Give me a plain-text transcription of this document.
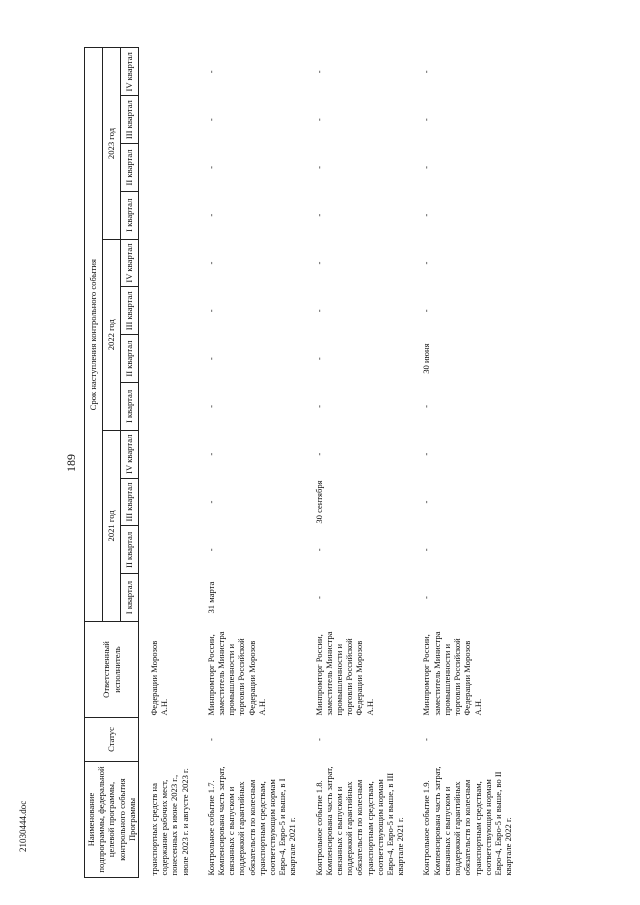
21030444.doc
189
Наименование подпрограммы, федеральной целевой программы, контрольного события Программы	Статус	Ответственный исполнитель	Срок наступления контрольного события											
			2021 год				2022 год				2023 год			
			I квартал	II квартал	III квартал	IV квартал	I квартал	II квартал	III квартал	IV квартал	I квартал	II квартал	III квартал	IV квартал
транспортных средств на содержание рабочих мест, понесенных в июне 2023 г., июле 2023 г. и августе 2023 г.		Федерации Морозов А.Н.												
Контрольное событие 1.7. Компенсирована часть затрат, связанных с выпуском и поддержкой гарантийных обязательств по колесным транспортным средствам, соответствующим нормам Евро-4, Евро-5 и выше, в I квартале 2021 г.	-	Минпромторг России, заместитель Министра промышленности и торговли Российской Федерации Морозов А.Н.	31 марта	-	-	-	-	-	-	-	-	-	-	-
Контрольное событие 1.8. Компенсирована часть затрат, связанных с выпуском и поддержкой гарантийных обязательств по колесным транспортным средствам, соответствующим нормам Евро-4, Евро-5 и выше, в III квартале 2021 г.	-	Минпромторг России, заместитель Министра промышленности и торговли Российской Федерации Морозов А.Н.	-	-	30 сентября	-	-	-	-	-	-	-	-	-
Контрольное событие 1.9. Компенсирована часть затрат, связанных с выпуском и поддержкой гарантийных обязательств по колесным транспортным средствам, соответствующим нормам Евро-4, Евро-5 и выше, во II квартале 2022 г.	-	Минпромторг России, заместитель Министра промышленности и торговли Российской Федерации Морозов А.Н.	-	-	-	-	-	30 июня	-	-	-	-	-	-
